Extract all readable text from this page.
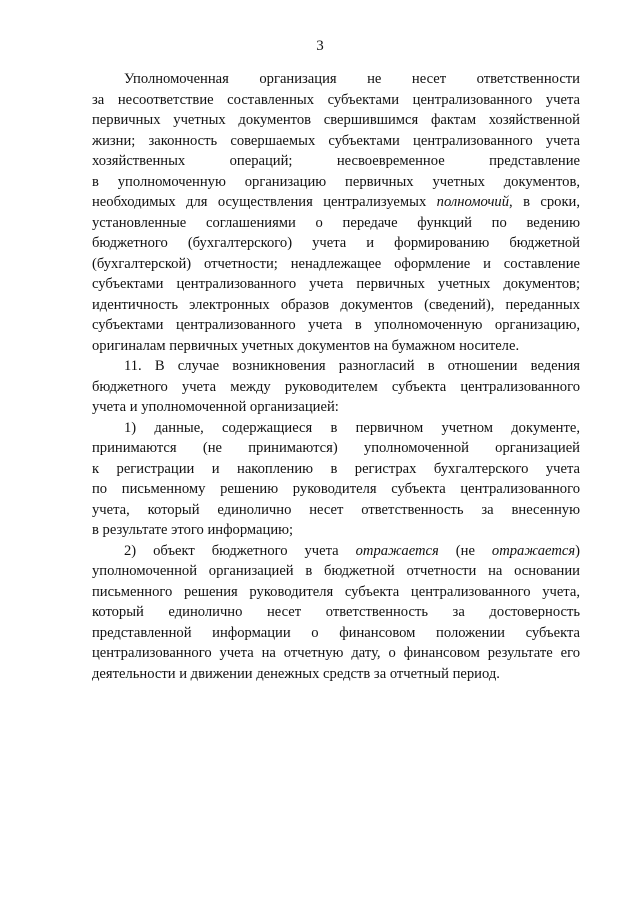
3
Уполномоченная организация не несет ответственности
за несоответствие составленных субъектами централизованного учета
первичных учетных документов свершившимся фактам хозяйственной
жизни; законность совершаемых субъектами централизованного учета
хозяйственных операций; несвоевременное представление
в уполномоченную организацию первичных учетных документов,
необходимых для осуществления централизуемых полномочий, в сроки,
установленные соглашениями о передаче функций по ведению
бюджетного (бухгалтерского) учета и формированию бюджетной
(бухгалтерской) отчетности; ненадлежащее оформление и составление
субъектами централизованного учета первичных учетных документов;
идентичность электронных образов документов (сведений), переданных
субъектами централизованного учета в уполномоченную организацию,
оригиналам первичных учетных документов на бумажном носителе.
11. В случае возникновения разногласий в отношении ведения
бюджетного учета между руководителем субъекта централизованного
учета и уполномоченной организацией:
1) данные, содержащиеся в первичном учетном документе,
принимаются (не принимаются) уполномоченной организацией
к регистрации и накоплению в регистрах бухгалтерского учета
по письменному решению руководителя субъекта централизованного
учета, который единолично несет ответственность за внесенную
в результате этого информацию;
2) объект бюджетного учета отражается (не отражается)
уполномоченной организацией в бюджетной отчетности на основании
письменного решения руководителя субъекта централизованного учета,
который единолично несет ответственность за достоверность
представленной информации о финансовом положении субъекта
централизованного учета на отчетную дату, о финансовом результате его
деятельности и движении денежных средств за отчетный период.
